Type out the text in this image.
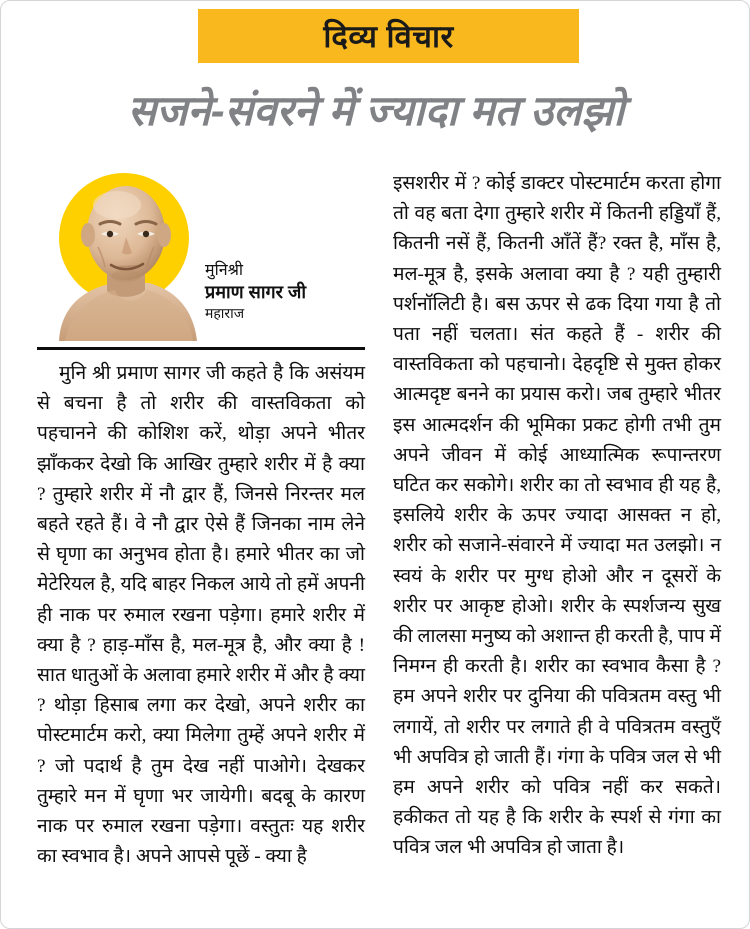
दिव्य विचार
सजने-संवरने में ज्यादा मत उलझो
मुनिश्री
प्रमाण सागर जी
महाराज

मुनि श्री प्रमाण सागर जी कहते है कि असंयम से बचना है तो शरीर की वास्तविकता को पहचानने की कोशिश करें, थोड़ा अपने भीतर झाँककर देखो कि आखिर तुम्हारे शरीर में है क्या ? तुम्हारे शरीर में नौ द्वार हैं, जिनसे निरन्तर मल बहते रहते हैं। वे नौ द्वार ऐसे हैं जिनका नाम लेने से घृणा का अनुभव होता है। हमारे भीतर का जो मेटेरियल है, यदि बाहर निकल आये तो हमें अपनी ही नाक पर रुमाल रखना पड़ेगा। हमारे शरीर में क्या है ? हाड़-माँस है, मल-मूत्र है, और क्या है ! सात धातुओं के अलावा हमारे शरीर में और है क्या ? थोड़ा हिसाब लगा कर देखो, अपने शरीर का पोस्टमार्टम करो, क्या मिलेगा तुम्हें अपने शरीर में ? जो पदार्थ है तुम देख नहीं पाओगे। देखकर तुम्हारे मन में घृणा भर जायेगी। बदबू के कारण नाक पर रुमाल रखना पड़ेगा। वस्तुतः यह शरीर का स्वभाव है। अपने आपसे पूछें - क्या है

इसशरीर में ? कोई डाक्टर पोस्टमार्टम करता होगा तो वह बता देगा तुम्हारे शरीर में कितनी हड्डियाँ हैं, कितनी नसें हैं, कितनी आँतें हैं? रक्त है, माँस है, मल-मूत्र है, इसके अलावा क्या है ? यही तुम्हारी पर्शनॉलिटी है। बस ऊपर से ढक दिया गया है तो पता नहीं चलता। संत कहते हैं - शरीर की वास्तविकता को पहचानो। देहदृष्टि से मुक्त होकर आत्मदृष्ट बनने का प्रयास करो। जब तुम्हारे भीतर इस आत्मदर्शन की भूमिका प्रकट होगी तभी तुम अपने जीवन में कोई आध्यात्मिक रूपान्तरण घटित कर सकोगे। शरीर का तो स्वभाव ही यह है, इसलिये शरीर के ऊपर ज्यादा आसक्त न हो, शरीर को सजाने-संवारने में ज्यादा मत उलझो। न स्वयं के शरीर पर मुग्ध होओ और न दूसरों के शरीर पर आकृष्ट होओ। शरीर के स्पर्शजन्य सुख की लालसा मनुष्य को अशान्त ही करती है, पाप में निमग्न ही करती है। शरीर का स्वभाव कैसा है ? हम अपने शरीर पर दुनिया की पवित्रतम वस्तु भी लगायें, तो शरीर पर लगाते ही वे पवित्रतम वस्तुएँ भी अपवित्र हो जाती हैं। गंगा के पवित्र जल से भी हम अपने शरीर को पवित्र नहीं कर सकते। हकीकत तो यह है कि शरीर के स्पर्श से गंगा का पवित्र जल भी अपवित्र हो जाता है।
